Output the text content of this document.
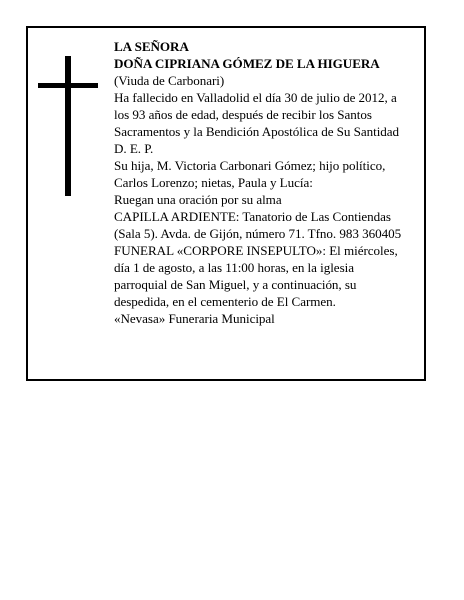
LA SEÑORA
DOÑA CIPRIANA GÓMEZ DE LA HIGUERA
(Viuda de Carbonari)
Ha fallecido en Valladolid el día 30 de julio de 2012, a
los 93 años de edad, después de recibir los Santos
Sacramentos y la Bendición Apostólica de Su Santidad
D. E. P.
Su hija, M. Victoria Carbonari Gómez; hijo político,
Carlos Lorenzo; nietas, Paula y Lucía:
Ruegan una oración por su alma
CAPILLA ARDIENTE: Tanatorio de Las Contiendas
(Sala 5). Avda. de Gijón, número 71. Tfno. 983 360405
FUNERAL «CORPORE INSEPULTO»: El miércoles,
día 1 de agosto, a las 11:00 horas, en la iglesia
parroquial de San Miguel, y a continuación, su
despedida, en el cementerio de El Carmen.
«Nevasa» Funeraria Municipal
